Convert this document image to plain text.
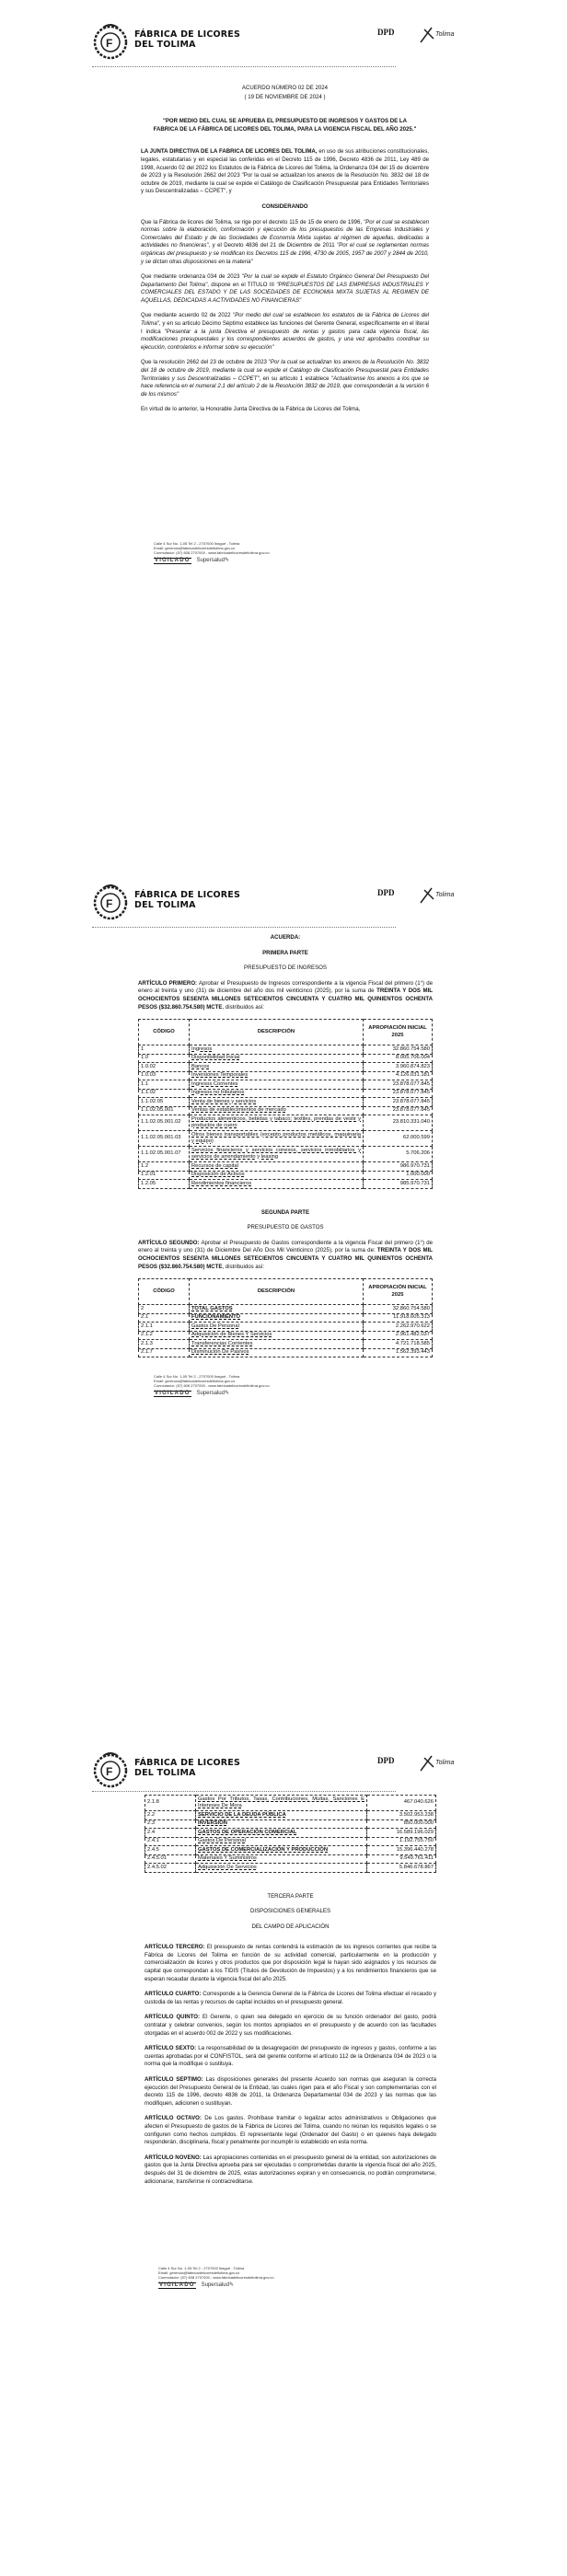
F
FÁBRICA DE LICORES
DEL TOLIMA
DPD	Tolima
ACUERDO NÚMERO 02 DE 2024
( 19 DE NOVIEMBRE DE 2024 )

"POR MEDIO DEL CUAL SE APRUEBA EL PRESUPUESTO DE INGRESOS Y GASTOS DE LA FABRICA DE LA FÁBRICA DE LICORES DEL TOLIMA, PARA LA VIGENCIA FISCAL DEL AÑO 2025."

LA JUNTA DIRECTIVA DE LA FABRICA DE LICORES DEL TOLIMA, en uso de sus atribuciones constitucionales, legales, estatutarias y en especial las conferidas en el Decreto 115 de 1996, Decreto 4836 de 2011, Ley 489 de 1998, Acuerdo 02 del 2022 los Estatutos de la Fábrica de Licores del Tolima, la Ordenanza 034 del 15 de diciembre de 2023 y la Resolución 2662 del 2023 "Por la cual se actualizan los anexos de la Resolución No. 3832 del 18 de octubre de 2019, mediante la cual se expide el Catálogo de Clasificación Presupuestal para Entidades Territoriales y sus Descentralizadas – CCPET", y

CONSIDERANDO

Que la Fábrica de licores del Tolima, se rige por el decreto 115 de 15 de enero de 1996, "Por el cual se establecen normas sobre la elaboración, conformación y ejecución de los presupuestos de las Empresas Industriales y Comerciales del Estado y de las Sociedades de Economía Mixta sujetas al régimen de aquellas, dedicadas a actividades no financieras", y el Decreto 4836 del 21 de Diciembre de 2011 "Por el cual se reglamentan normas orgánicas del presupuesto y se modifican los Decretos 115 de 1996, 4730 de 2005, 1957 de 2007 y 2844 de 2010, y se dictan otras disposiciones en la materia"

Que mediante ordenanza 034 de 2023 "Por la cual se expide el Estatuto Orgánico General Del Presupuesto Del Departamento Del Tolima", dispone en el TITULO III "PRESUPUESTOS DE LAS EMPRESAS INDUSTRIALES Y COMERCIALES DEL ESTADO Y DE LAS SOCIEDADES DE ECONOMIA MIXTA SUJETAS AL REGIMEN DE AQUELLAS, DEDICADAS A ACTIVIDADES NO FINANCIERAS"

Que mediante acuerdo 02 de 2022 "Por medio del cual se establecen los estatutos de la Fábrica de Licores del Tolima", y en su articulo Décimo Séptimo establece las funciones del Gerente General, específicamente en el literal I indica "Presentar a la junta Directiva el presupuesto de rentas y gastos para cada vigencia fiscal, las modificaciones presupuestales y los correspondientes acuerdos de gastos, y una vez aprobados coordinar su ejecución, controlarlos e informar sobre su ejecución"

Que la resolución 2662 del 23 de octubre de 2023 "Por la cual se actualizan los anexos de la Resolución No. 3832 del 18 de octubre de 2019, mediante la cual se expide el Catálogo de Clasificación Presupuestal para Entidades Territoriales y sus Descentralizadas – CCPET", en su artículo 1 establece "Actualícense los anexos a los que se hace referencia en el numeral 2.1 del artículo 2 de la Resolución 3832 de 2019, que corresponderán a la versión 6 de los mismos"

En virtud de lo anterior, la Honorable Junta Directiva de la Fábrica de Licores del Tolima,

Calle 4 Sur No. 1-05 Tel 2 - 2707000 Ibagué - Tolima
Email: gerencia@fabricadelicoresdeltolima.gov.co
Conmutador: (57) 608 2707000 - www.fabricadelicoresdeltolima.gov.co
VIGILADO Supersalud✎
F
FÁBRICA DE LICORES
DEL TOLIMA
DPD	Tolima

ACUERDA:

PRIMERA PARTE

PRESUPUESTO DE INGRESOS

ARTÍCULO PRIMERO: Aprobar el Presupuesto de Ingresos correspondiente a la vigencia Fiscal del primero (1°) de enero al treinta y uno (31) de diciembre del año dos mil veinticinco (2025), por la suma de TREINTA Y DOS MIL OCHOCIENTOS SESENTA MILLONES SETECIENTOS CINCUENTA Y CUATRO MIL QUINIENTOS OCHENTA PESOS ($32.860.754.580) MCTE, distribuidos así:

CÓDIGO	DESCRIPCIÓN	APROPIACIÓN INICIAL 2025
1	Ingresos	32.860.754.580
1.0	Disponibilidad Inicial	8.005.706.004
1.0.02	Bancos	3.960.874.823
1.0.03	Inversiones Temporales	4.126.031.181
1.1	Ingresos Corrientes	23.878.077.845
1.1.02	Ingresos no tributarios	23.878.077.845
1.1.02.05	Venta de bienes y servicios	23.878.077.845
1.1.02.05.001	Ventas de establecimientos de mercado	23.878.077.845
1.1.02.05.001.02	Productos alimenticios, bebidas y tabaco; textiles, prendas de vestir y productos de cuero	23.810.331.040
1.1.02.05.001.03	Otros bienes transportables (excepto productos metálicos, maquinaria y equipo)	62.000.599
1.1.02.05.001.07	Servicios financieros y servicios conexos, servicios inmobiliarios y servicios de arrendamiento y leasing	5.706.206
1.2	Recursos de capital	986.970.731
1.2.01	Disposición de Activos	1.000.000
1.2.05	Rendimientos financieros	985.970.731

SEGUNDA PARTE

PRESUPUESTO DE GASTOS

ARTÍCULO SEGUNDO: Aprobar el Presupuesto de Gastos correspondiente a la vigencia Fiscal del primero (1°) de enero al treinta y uno (31) de Diciembre Del Año Dos Mil Veinticinco (2025), por la suma de: TREINTA Y DOS MIL OCHOCIENTOS SESENTA MILLONES SETECIENTOS CINCUENTA Y CUATRO MIL QUINIENTOS OCHENTA PESOS ($32.860.754.580) MCTE, distribuidos así:

CÓDIGO	DESCRIPCIÓN	APROPIACIÓN INICIAL 2025
2	TOTAL GASTOS	32.860.754.580
2.1	FUNCIONAMIENTO	11.918.605.313
2.1.1	Gastos De Personal	2.262.970.622
2.1.2	Adquisición de Bienes Y Servicios	2.961.482.037
2.1.3	Transferencias Corrientes	4.721.718.585
2.1.7	Disminución De Pasivos	1.562.393.443
Calle 4 Sur No. 1-05 Tel 2 - 2707000 Ibagué - Tolima
Email: gerencia@fabricadelicoresdeltolima.gov.co
Conmutador: (57) 608 2707000 - www.fabricadelicoresdeltolima.gov.co
VIGILADO Supersalud✎
F
FÁBRICA DE LICORES
DEL TOLIMA
DPD	Tolima
2.1.8	Gastos Por Tributos, Tasas, Contribuciones, Multas, Sanciones E Intereses De Mora	467.040.626
2.2	SERVICIO DE LA DEUDA PÚBLICA	3.502.953.238
2.3	INVERSIÓN	850.000.000
2.4	GASTOS DE OPERACIÓN COMERCIAL	16.589.196.029
2.4.1	Gastos De Personal	1.192.755.750
2.4.5	GASTOS DE COMERCIALIZACIÓN Y PRODUCCIÓN	15.396.440.278
2.4.5.01	Materiales Y Suministros	9.549.761.411
2.4.5.02	Adquisición De Servicios	5.846.678.867

TERCERA PARTE

DISPOSICIONES GENERALES

DEL CAMPO DE APLICACIÓN

ARTÍCULO TERCERO: El presupuesto de rentas contendrá la estimación de los ingresos corrientes que recibe la Fábrica de Licores del Tolima en función de su actividad comercial, particularmente en la producción y comercialización de licores y otros productos que por disposición legal le hayan sido asignados y los recursos de capital que correspondan a los TIDIS (Títulos de Devolución de Impuestos) y a los rendimientos financieros que se esperan recaudar durante la vigencia fiscal del año 2025.

ARTÍCULO CUARTO: Corresponde a la Gerencia General de la Fábrica de Licores del Tolima efectuar el recaudo y custodia de las rentas y recursos de capital incluidos en el presupuesto general.

ARTÍCULO QUINTO: El Gerente, o quien sea delegado en ejercicio de su función ordenador del gasto, podrá contratar y celebrar convenios, según los montos apropiados en el presupuesto y de acuerdo con las facultades otorgadas en el acuerdo 002 de 2022 y sus modificaciones.

ARTÍCULO SEXTO: La responsabilidad de la desagregación del presupuesto de ingresos y gastos, conforme a las cuentas aprobadas por el CONFISTOL, será del gerente conforme el artículo 112 de la Ordenanza 034 de 2023 o la norma que la modifique o sustituya.

ARTÍCULO SEPTIMO: Las disposiciones generales del presente Acuerdo son normas que aseguran la correcta ejecución del Presupuesto General de la Entidad, las cuales rigen para el año Fiscal y son complementarias con el decreto 115 de 1996, decreto 4836 de 2011, la Ordenanza Departamental 034 de 2023 y las normas que las modifiquen, adicionen o sustituyan.

ARTÍCULO OCTAVO: De Los gastos. Prohíbase tramitar o legalizar actos administrativos u Obligaciones que afecten el Presupuesto de gastos de la Fábrica de Licores del Tolima, cuando no reúnan los requisitos legales o se configuren como hechos cumplidos. El representante legal (Ordenador del Gasto) o en quienes haya delegado responderán, disciplinaria, fiscal y penalmente por incumplir lo establecido en esta norma.

ARTÍCULO NOVENO: Las apropiaciones contenidas en el presupuesto general de la entidad, son autorizaciones de gastos que la Junta Directiva aprueba para ser ejecutadas o comprometidas durante la vigencia fiscal del año 2025, después del 31 de diciembre de 2025, estas autorizaciones expiran y en consecuencia, no podrán comprometerse, adicionarse, transferirse ni contracreditarse.

Calle 4 Sur No. 1-05 Tel 2 - 2707000 Ibagué - Tolima
Email: gerencia@fabricadelicoresdeltolima.gov.co
Conmutador: (57) 608 2707000 - www.fabricadelicoresdeltolima.gov.co
VIGILADO Supersalud✎
